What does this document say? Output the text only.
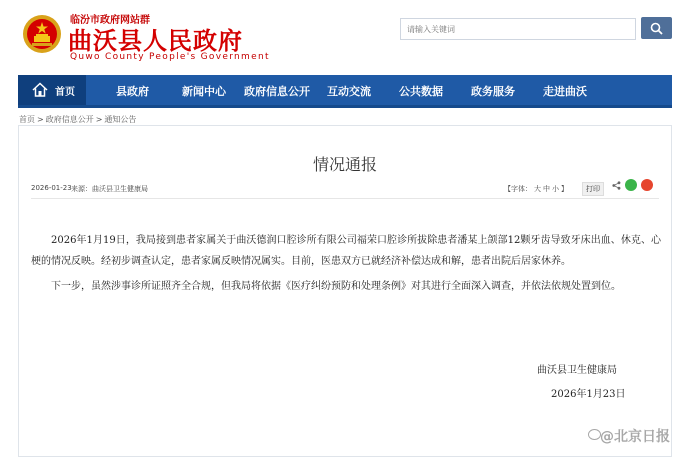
临汾市政府网站群
曲沃县人民政府
Quwo County People's Government
请输入关键词
首页	县政府	新闻中心 政府信息公开 互动交流	公共数据	政务服务	走进曲沃
首页 > 政府信息公开 > 通知公告
情况通报
2026-01-23 来源：曲沃县卫生健康局	【字体： 大 中 小 】	打印

2026年1月19日，我局接到患者家属关于曲沃德润口腔诊所有限公司福荣口腔诊所拔除患者潘某上颌部12颗牙齿导致牙床出血、休克、心梗的情况反映。经初步调查认定，患者家属反映情况属实。目前，医患双方已就经济补偿达成和解，患者出院后居家休养。

下一步，虽然涉事诊所证照齐全合规，但我局将依据《医疗纠纷预防和处理条例》对其进行全面深入调查，并依法依规处置到位。

曲沃县卫生健康局
2026年1月23日
@北京日报
